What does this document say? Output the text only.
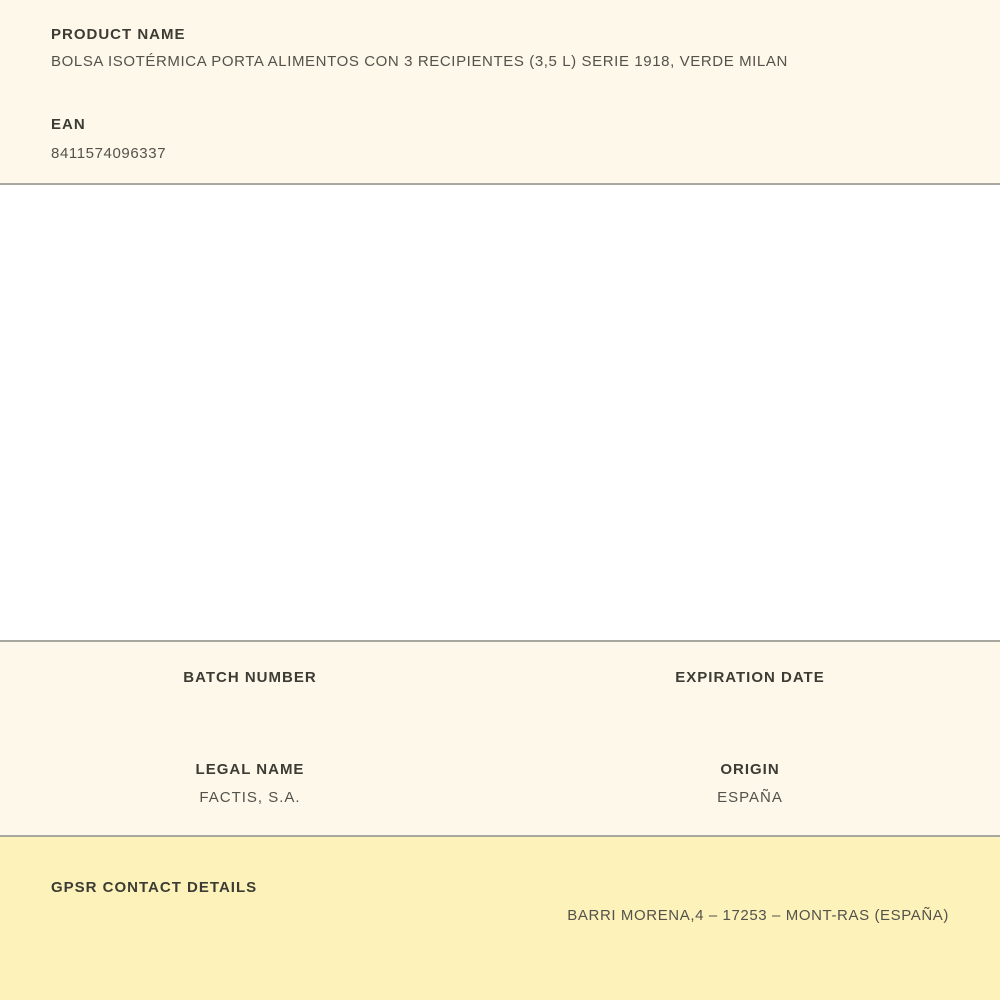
PRODUCT NAME
BOLSA ISOTÉRMICA PORTA ALIMENTOS CON 3 RECIPIENTES (3,5 L) SERIE 1918, VERDE MILAN
EAN
8411574096337
BATCH NUMBER	EXPIRATION DATE
LEGAL NAME
FACTIS, S.A.
ORIGIN
ESPAÑA
GPSR CONTACT DETAILS
BARRI MORENA,4 – 17253 – MONT-RAS (ESPAÑA)
